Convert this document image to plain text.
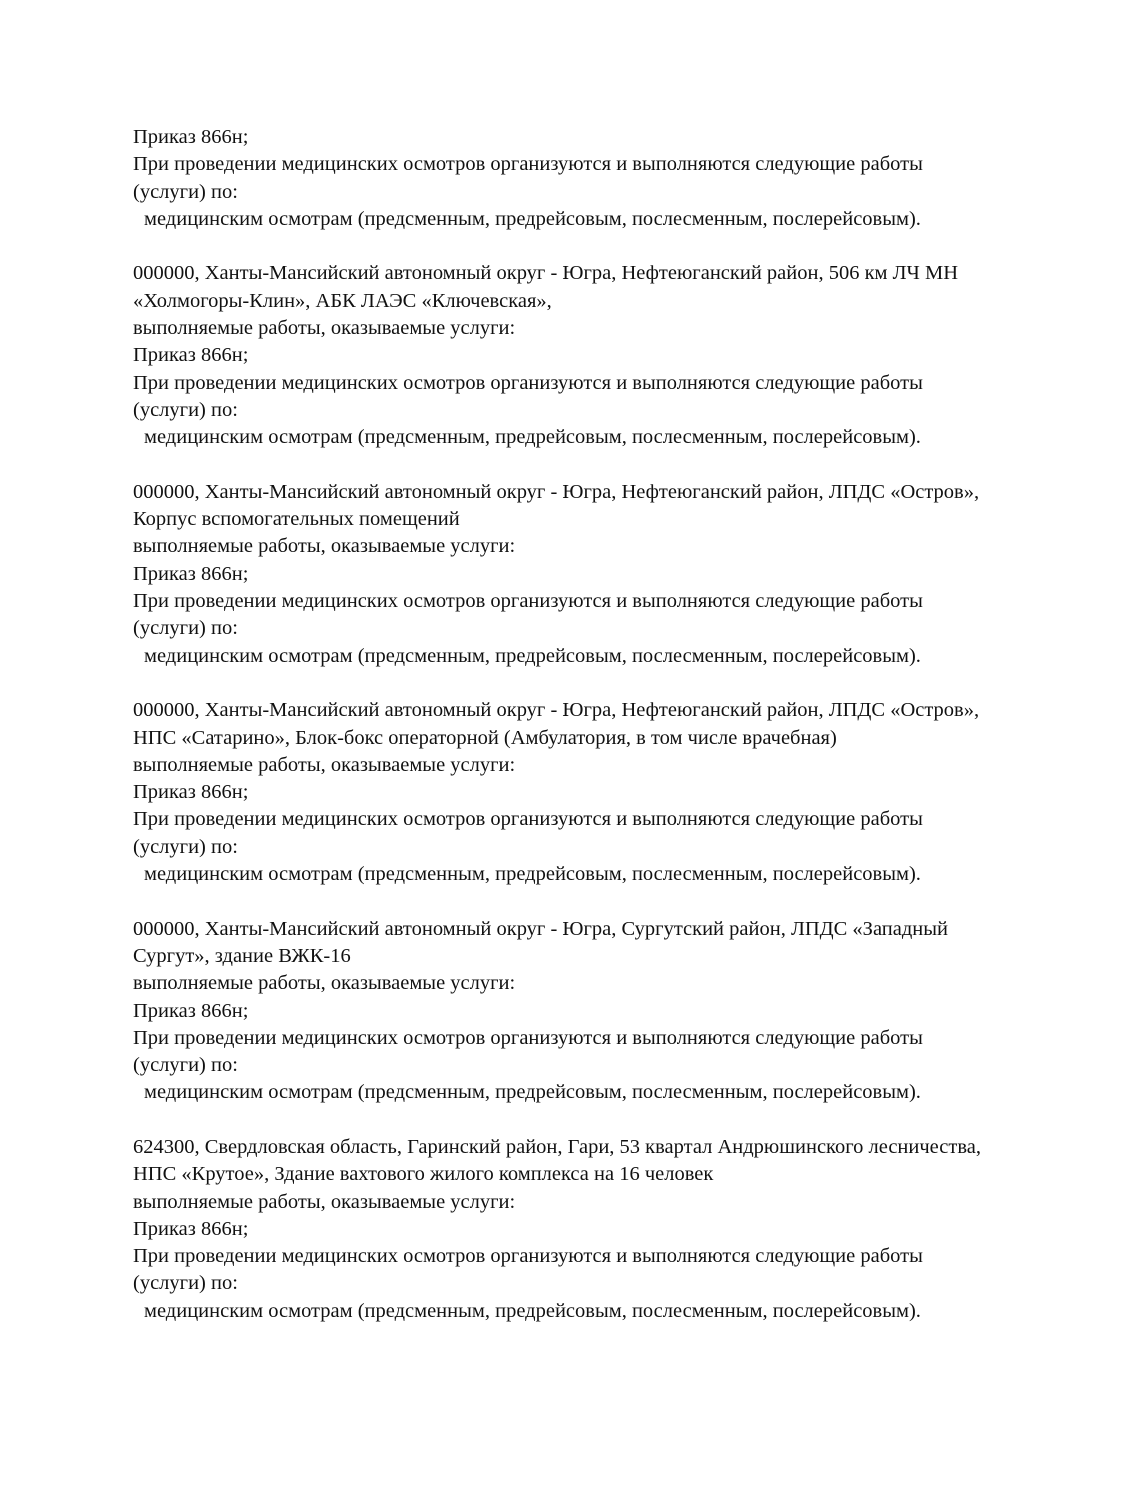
Приказ 866н;
При проведении медицинских осмотров организуются и выполняются следующие работы
(услуги) по:
медицинским осмотрам (предсменным, предрейсовым, послесменным, послерейсовым).
000000, Ханты-Мансийский автономный округ - Югра, Нефтеюганский район, 506 км ЛЧ МН
«Холмогоры-Клин», АБК ЛАЭС «Ключевская»,
выполняемые работы, оказываемые услуги:
Приказ 866н;
При проведении медицинских осмотров организуются и выполняются следующие работы
(услуги) по:
медицинским осмотрам (предсменным, предрейсовым, послесменным, послерейсовым).
000000, Ханты-Мансийский автономный округ - Югра, Нефтеюганский район, ЛПДС «Остров»,
Корпус вспомогательных помещений
выполняемые работы, оказываемые услуги:
Приказ 866н;
При проведении медицинских осмотров организуются и выполняются следующие работы
(услуги) по:
медицинским осмотрам (предсменным, предрейсовым, послесменным, послерейсовым).
000000, Ханты-Мансийский автономный округ - Югра, Нефтеюганский район, ЛПДС «Остров»,
НПС «Сатарино», Блок-бокс операторной (Амбулатория, в том числе врачебная)
выполняемые работы, оказываемые услуги:
Приказ 866н;
При проведении медицинских осмотров организуются и выполняются следующие работы
(услуги) по:
медицинским осмотрам (предсменным, предрейсовым, послесменным, послерейсовым).
000000, Ханты-Мансийский автономный округ - Югра, Сургутский район, ЛПДС «Западный
Сургут», здание ВЖК-16
выполняемые работы, оказываемые услуги:
Приказ 866н;
При проведении медицинских осмотров организуются и выполняются следующие работы
(услуги) по:
медицинским осмотрам (предсменным, предрейсовым, послесменным, послерейсовым).
624300, Свердловская область, Гаринский район, Гари, 53 квартал Андрюшинского лесничества,
НПС «Крутое», Здание вахтового жилого комплекса на 16 человек
выполняемые работы, оказываемые услуги:
Приказ 866н;
При проведении медицинских осмотров организуются и выполняются следующие работы
(услуги) по:
медицинским осмотрам (предсменным, предрейсовым, послесменным, послерейсовым).
